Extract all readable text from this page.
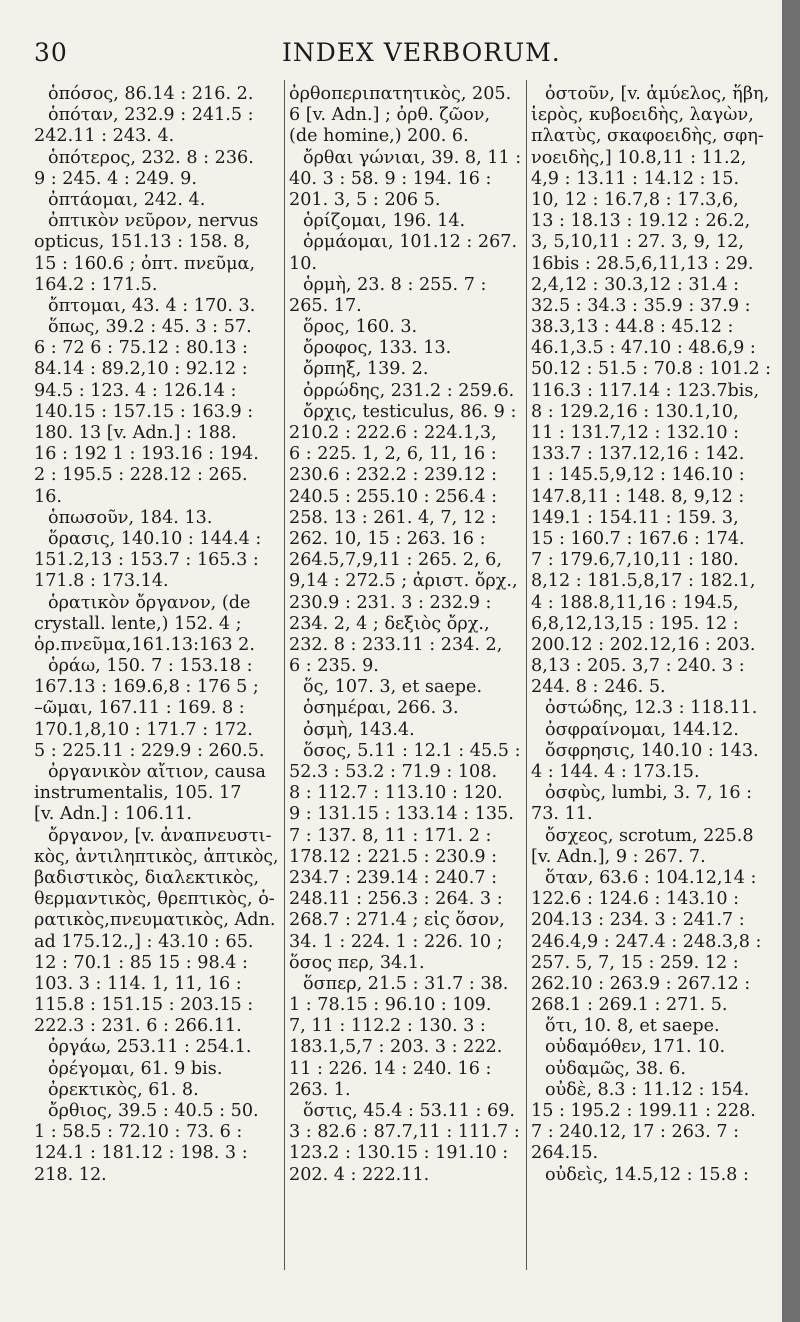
30	INDEX VERBORUM.
ὁπόσος, 86.14 : 216. 2.
ὁπόταν, 232.9 : 241.5 :
242.11 : 243. 4.
ὁπότερος, 232. 8 : 236.
9 : 245. 4 : 249. 9.
ὀπτάομαι, 242. 4.
ὀπτικὸν νεῦρον, nervus
opticus, 151.13 : 158. 8,
15 : 160.6 ; ὀπτ. πνεῦμα,
164.2 : 171.5.
ὄπτομαι, 43. 4 : 170. 3.
ὅπως, 39.2 : 45. 3 : 57.
6 : 72 6 : 75.12 : 80.13 :
84.14 : 89.2,10 : 92.12 :
94.5 : 123. 4 : 126.14 :
140.15 : 157.15 : 163.9 :
180. 13 [v. Adn.] : 188.
16 : 192 1 : 193.16 : 194.
2 : 195.5 : 228.12 : 265.
16.
ὁπωσοῦν, 184. 13.
ὅρασις, 140.10 : 144.4 :
151.2,13 : 153.7 : 165.3 :
171.8 : 173.14.
ὁρατικὸν ὄργανον, (de
crystall. lente,) 152. 4 ;
ὁρ.πνεῦμα,161.13:163 2.
ὁράω, 150. 7 : 153.18 :
167.13 : 169.6,8 : 176 5 ;
–ῶμαι, 167.11 : 169. 8 :
170.1,8,10 : 171.7 : 172.
5 : 225.11 : 229.9 : 260.5.
ὀργανικὸν αἴτιον, causa
instrumentalis, 105. 17
[v. Adn.] : 106.11.
ὄργανον, [v. ἀναπνευστι-
κὸς, ἀντιληπτικὸς, ἁπτικὸς,
βαδιστικὸς, διαλεκτικὸς,
θερμαντικὸς, θρεπτικὸς, ὁ-
ρατικὸς,πνευματικὸς, Adn.
ad 175.12.,] : 43.10 : 65.
12 : 70.1 : 85 15 : 98.4 :
103. 3 : 114. 1, 11, 16 :
115.8 : 151.15 : 203.15 :
222.3 : 231. 6 : 266.11.
ὀργάω, 253.11 : 254.1.
ὀρέγομαι, 61. 9 bis.
ὀρεκτικὸς, 61. 8.
ὄρθιος, 39.5 : 40.5 : 50.
1 : 58.5 : 72.10 : 73. 6 :
124.1 : 181.12 : 198. 3 :
218. 12.
ὀρθοπεριπατητικὸς, 205.
6 [v. Adn.] ; ὀρθ. ζῶον,
(de homine,) 200. 6.
ὄρθαι γώνιαι, 39. 8, 11 :
40. 3 : 58. 9 : 194. 16 :
201. 3, 5 : 206 5.
ὁρίζομαι, 196. 14.
ὁρμάομαι, 101.12 : 267.
10.
ὁρμὴ, 23. 8 : 255. 7 :
265. 17.
ὅρος, 160. 3.
ὄροφος, 133. 13.
ὄρπηξ, 139. 2.
ὀρρώδης, 231.2 : 259.6.
ὄρχις, testiculus, 86. 9 :
210.2 : 222.6 : 224.1,3,
6 : 225. 1, 2, 6, 11, 16 :
230.6 : 232.2 : 239.12 :
240.5 : 255.10 : 256.4 :
258. 13 : 261. 4, 7, 12 :
262. 10, 15 : 263. 16 :
264.5,7,9,11 : 265. 2, 6,
9,14 : 272.5 ; ἀριστ. ὄρχ.,
230.9 : 231. 3 : 232.9 :
234. 2, 4 ; δεξιὸς ὄρχ.,
232. 8 : 233.11 : 234. 2,
6 : 235. 9.
ὅς, 107. 3, et saepe.
ὁσημέραι, 266. 3.
ὀσμὴ, 143.4.
ὅσος, 5.11 : 12.1 : 45.5 :
52.3 : 53.2 : 71.9 : 108.
8 : 112.7 : 113.10 : 120.
9 : 131.15 : 133.14 : 135.
7 : 137. 8, 11 : 171. 2 :
178.12 : 221.5 : 230.9 :
234.7 : 239.14 : 240.7 :
248.11 : 256.3 : 264. 3 :
268.7 : 271.4 ; εἰς ὅσον,
34. 1 : 224. 1 : 226. 10 ;
ὅσος περ, 34.1.
ὅσπερ, 21.5 : 31.7 : 38.
1 : 78.15 : 96.10 : 109.
7, 11 : 112.2 : 130. 3 :
183.1,5,7 : 203. 3 : 222.
11 : 226. 14 : 240. 16 :
263. 1.
ὅστις, 45.4 : 53.11 : 69.
3 : 82.6 : 87.7,11 : 111.7 :
123.2 : 130.15 : 191.10 :
202. 4 : 222.11.
ὀστοῦν, [v. ἀμύελος, ἥβη,
ἱερὸς, κυβοειδὴς, λαγὼν,
πλατὺς, σκαφοειδὴς, σφη-
νοειδὴς,] 10.8,11 : 11.2,
4,9 : 13.11 : 14.12 : 15.
10, 12 : 16.7,8 : 17.3,6,
13 : 18.13 : 19.12 : 26.2,
3, 5,10,11 : 27. 3, 9, 12,
16bis : 28.5,6,11,13 : 29.
2,4,12 : 30.3,12 : 31.4 :
32.5 : 34.3 : 35.9 : 37.9 :
38.3,13 : 44.8 : 45.12 :
46.1,3.5 : 47.10 : 48.6,9 :
50.12 : 51.5 : 70.8 : 101.2 :
116.3 : 117.14 : 123.7bis,
8 : 129.2,16 : 130.1,10,
11 : 131.7,12 : 132.10 :
133.7 : 137.12,16 : 142.
1 : 145.5,9,12 : 146.10 :
147.8,11 : 148. 8, 9,12 :
149.1 : 154.11 : 159. 3,
15 : 160.7 : 167.6 : 174.
7 : 179.6,7,10,11 : 180.
8,12 : 181.5,8,17 : 182.1,
4 : 188.8,11,16 : 194.5,
6,8,12,13,15 : 195. 12 :
200.12 : 202.12,16 : 203.
8,13 : 205. 3,7 : 240. 3 :
244. 8 : 246. 5.
ὀστώδης, 12.3 : 118.11.
ὀσφραίνομαι, 144.12.
ὄσφρησις, 140.10 : 143.
4 : 144. 4 : 173.15.
ὀσφὺς, lumbi, 3. 7, 16 :
73. 11.
ὄσχεος, scrotum, 225.8
[v. Adn.], 9 : 267. 7.
ὅταν, 63.6 : 104.12,14 :
122.6 : 124.6 : 143.10 :
204.13 : 234. 3 : 241.7 :
246.4,9 : 247.4 : 248.3,8 :
257. 5, 7, 15 : 259. 12 :
262.10 : 263.9 : 267.12 :
268.1 : 269.1 : 271. 5.
ὅτι, 10. 8, et saepe.
οὐδαμόθεν, 171. 10.
οὐδαμῶς, 38. 6.
οὐδὲ, 8.3 : 11.12 : 154.
15 : 195.2 : 199.11 : 228.
7 : 240.12, 17 : 263. 7 :
264.15.
οὐδεὶς, 14.5,12 : 15.8 :
